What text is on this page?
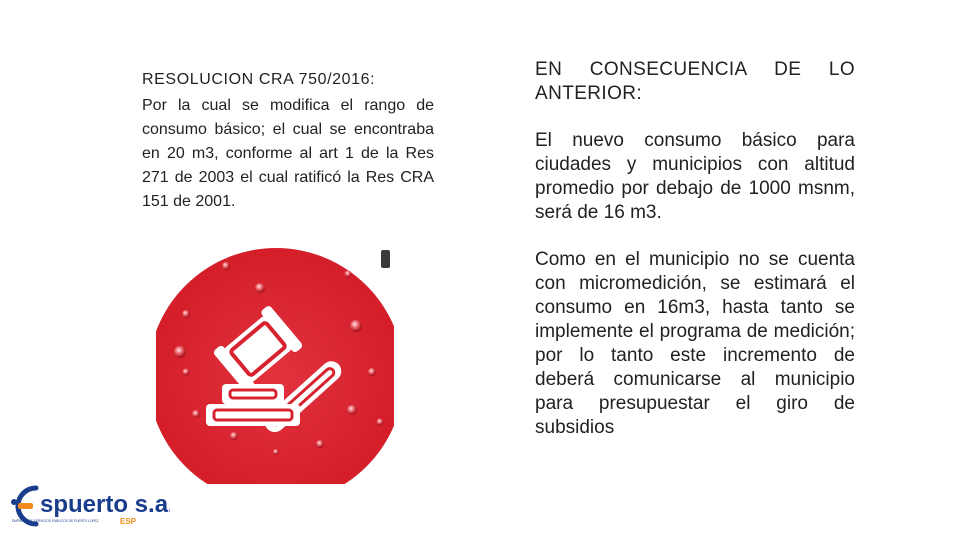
RESOLUCION CRA 750/2016:
Por la cual se modifica el rango de consumo básico; el cual se encontraba en 20 m3, conforme al art 1 de la Res 271 de 2003 el cual ratificó la Res CRA 151 de 2001.

EN CONSECUENCIA DE LO ANTERIOR:

El nuevo consumo básico para ciudades y municipios con altitud promedio por debajo de 1000 msnm, será de 16 m3.

Como en el municipio no se cuenta con micromedición, se estimará el consumo en 16m3, hasta tanto se implemente el programa de medición; por lo tanto este incremento de deberá comunicarse al municipio para presupuestar el giro de subsidios

spuerto s.a.
EMPRESA DE SERVICIOS PUBLICOS DE PUERTO LOPEZ	ESP
